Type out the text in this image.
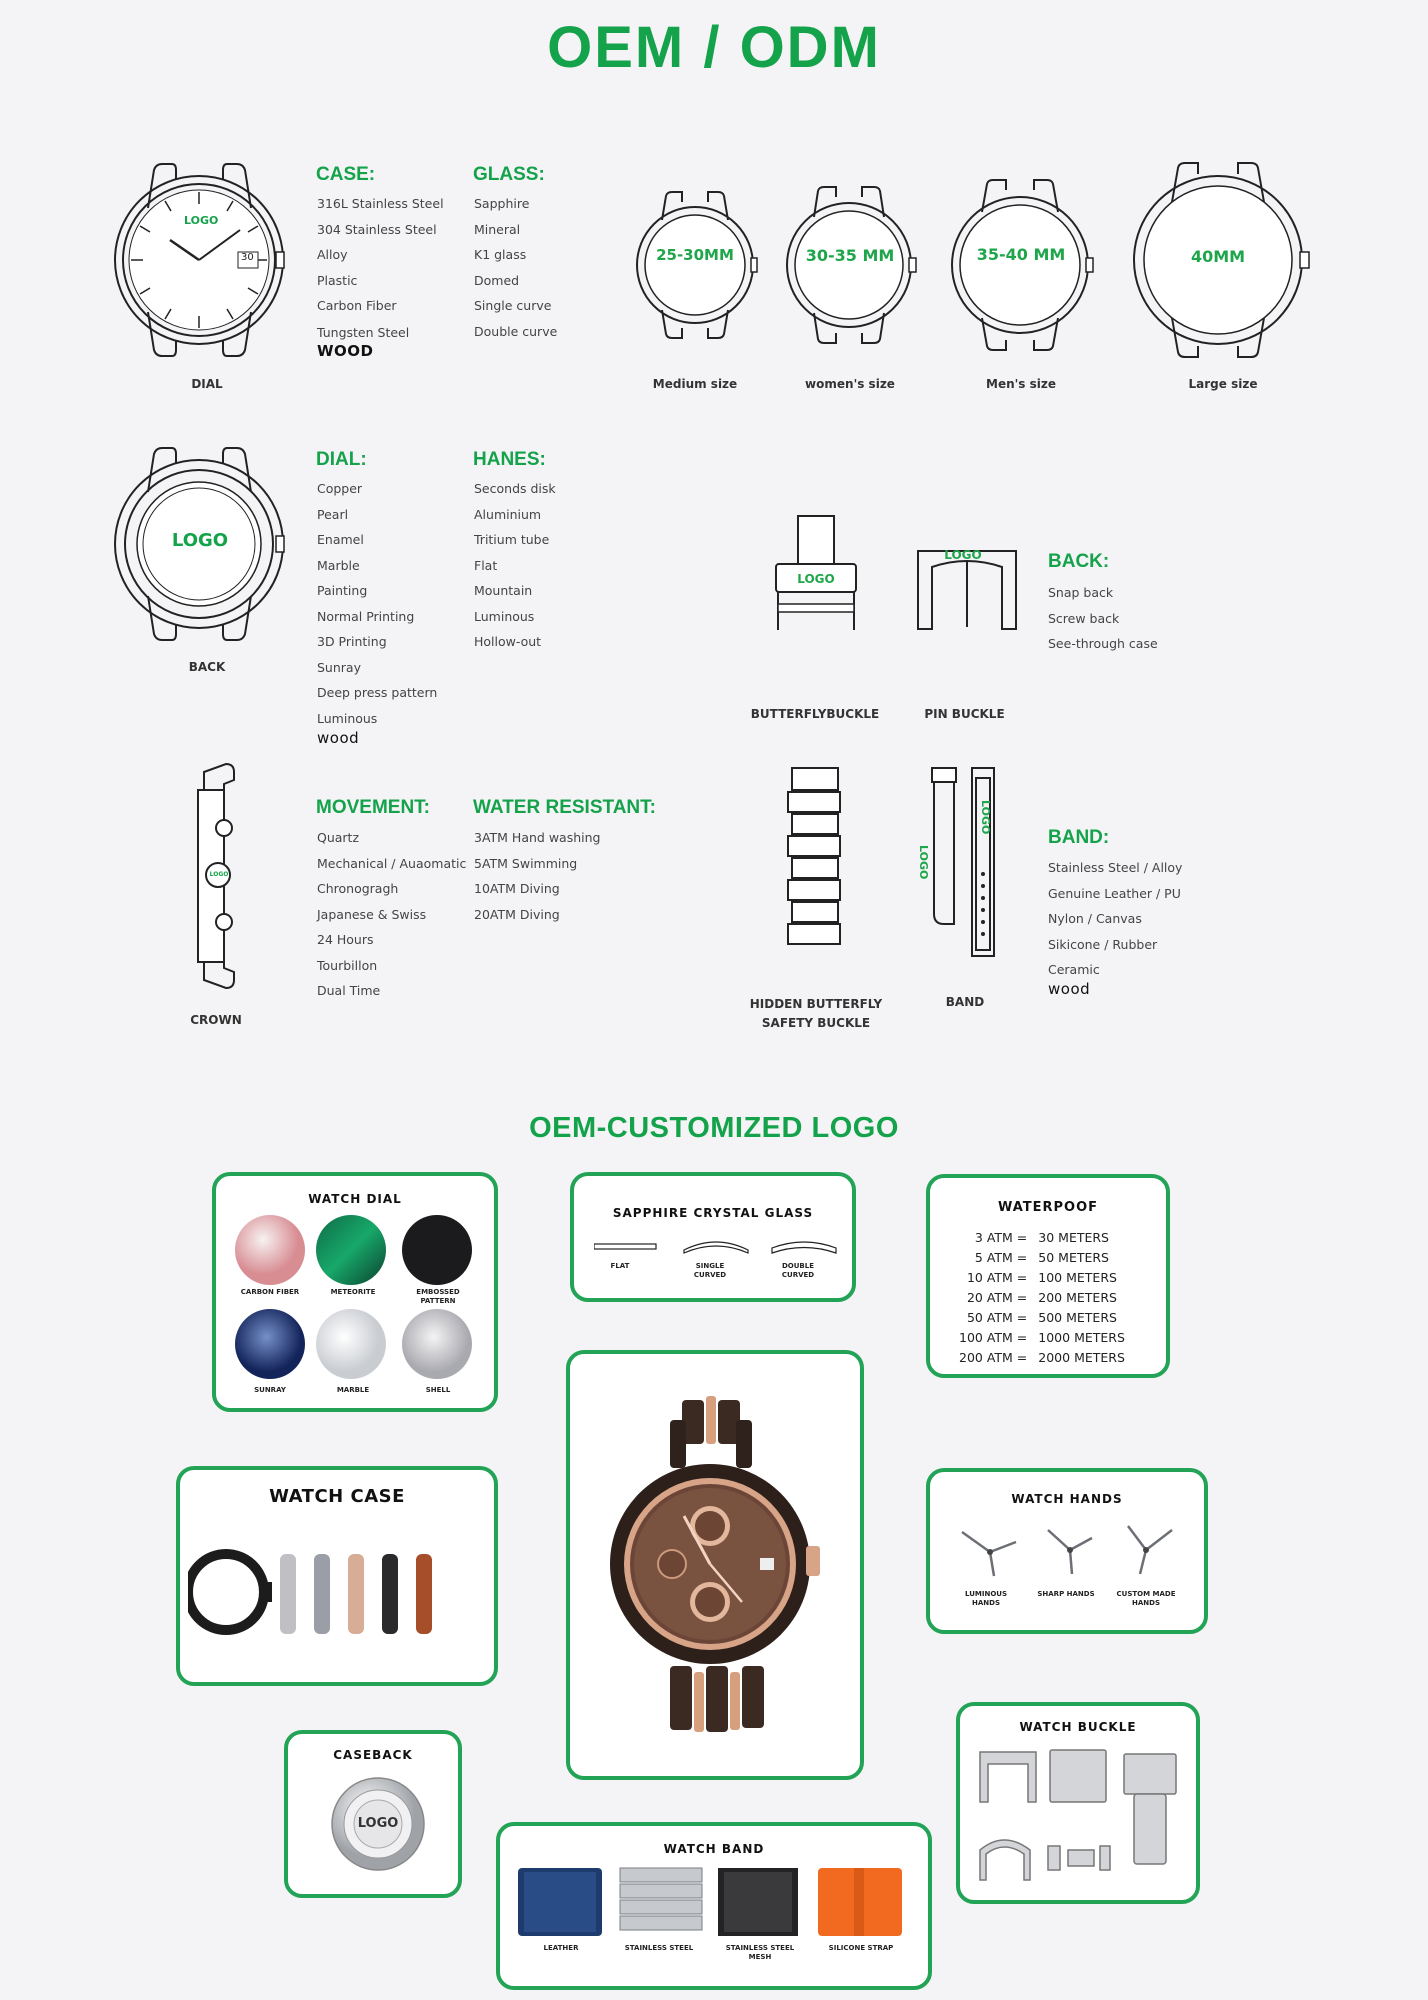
OEM / ODM
LOGO
30
DIAL
CASE:
316L Stainless Steel
304 Stainless Steel
Alloy
Plastic
Carbon Fiber
Tungsten Steel
WOOD
GLASS:
Sapphire
Mineral
K1 glass
Domed
Single curve
Double curve
25-30MM	30-35 MM	35-40 MM	40MM
Medium size	women's size	Men's size	Large size
LOGO
BACK
DIAL:
Copper
Pearl
Enamel
Marble
Painting
Normal Printing
3D Printing
Sunray
Deep press pattern
Luminous
wood
HANES:
Seconds disk
Aluminium
Tritium tube
Flat
Mountain
Luminous
Hollow-out
LOGO
LOGO	BACK:
Snap back
Screw back
See-through case
BUTTERFLYBUCKLE	PIN BUCKLE
LOGO
CROWN
MOVEMENT:
Quartz
Mechanical / Auaomatic
Chronogragh
Japanese & Swiss
24 Hours
Tourbillon
Dual Time
WATER RESISTANT:
3ATM Hand washing
5ATM Swimming
10ATM Diving
20ATM Diving
LOGO
LOGO
BAND:
Stainless Steel / Alloy
Genuine Leather / PU
Nylon / Canvas
Sikicone / Rubber
Ceramic
wood
HIDDEN BUTTERFLY
SAFETY BUCKLE
BAND
OEM-CUSTOMIZED LOGO
WATCH DIAL
CARBON FIBER	METEORITE	EMBOSSED PATTERN
SUNRAY	MARBLE	SHELL
SAPPHIRE CRYSTAL GLASS
FLAT	SINGLE CURVED
DOUBLE CURVED
WATERPOOF
3 ATM =	30 METERS
5 ATM =	50 METERS
10 ATM =	100 METERS
20 ATM =	200 METERS
50 ATM =	500 METERS
100 ATM =	1000 METERS
200 ATM =	2000 METERS
WATCH CASE	WATCH HANDS
LUMINOUS HANDS
SHARP HANDS	CUSTOM MADE HANDS
CASEBACK
LOGO
WATCH BAND
LEATHER	STAINLESS STEEL	STAINLESS STEEL MESH
SILICONE STRAP
WATCH BUCKLE
